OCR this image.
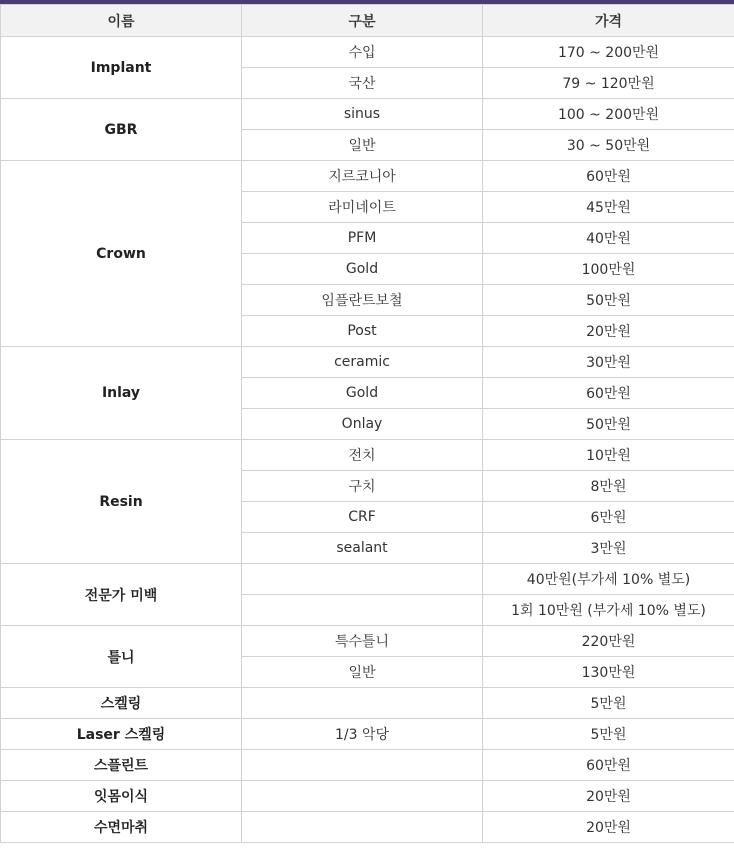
이름	구분	가격
Implant	수입	170 ~ 200만원
	국산	79 ~ 120만원
GBR	sinus	100 ~ 200만원
	일반	30 ~ 50만원
Crown	지르코니아	60만원
	라미네이트	45만원
	PFM	40만원
	Gold	100만원
	임플란트보철	50만원
	Post	20만원
Inlay	ceramic	30만원
	Gold	60만원
	Onlay	50만원
Resin	전치	10만원
	구치	8만원
	CRF	6만원
	sealant	3만원
전문가 미백		40만원(부가세 10% 별도)
		1회 10만원 (부가세 10% 별도)
틀니	특수틀니	220만원
	일반	130만원
스켈링		5만원
Laser 스켈링	1/3 악당	5만원
스플린트		60만원
잇몸이식		20만원
수면마취		20만원
